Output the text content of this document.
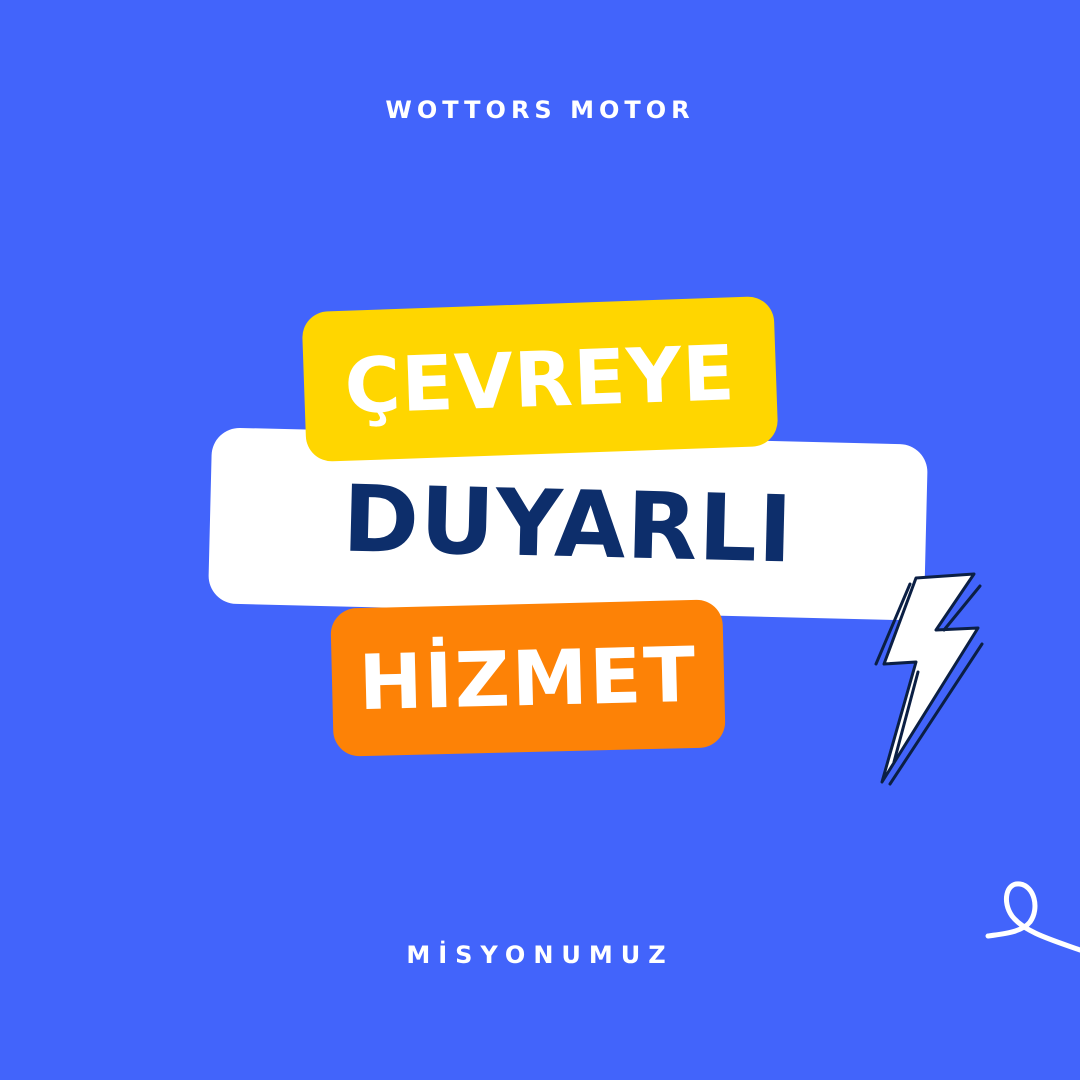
WOTTORS MOTOR
DUYARLI
ÇEVREYE
HİZMET
MİSYONUMUZ
